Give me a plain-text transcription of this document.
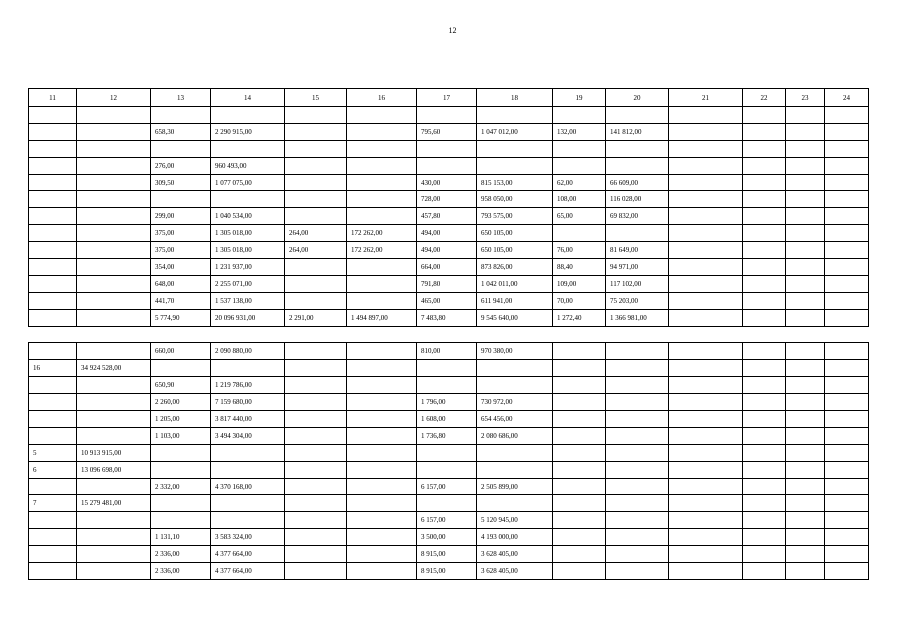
12
11	12	13	14	15	16	17	18	19	20	21	22	23	24

		658,30	2 290 915,00			795,60	1 047 012,00	132,00	141 812,00				

		276,00	960 493,00										
		309,50	1 077 075,00			430,00	815 153,00	62,00	66 609,00				
						728,00	958 050,00	108,00	116 028,00				
		299,00	1 040 534,00			457,80	793 575,00	65,00	69 832,00				
		375,00	1 305 018,00	264,00	172 262,00	494,00	650 105,00						
		375,00	1 305 018,00	264,00	172 262,00	494,00	650 105,00	76,00	81 649,00				
		354,00	1 231 937,00			664,00	873 826,00	88,40	94 971,00				
		648,00	2 255 071,00			791,80	1 042 011,00	109,00	117 102,00				
		441,70	1 537 138,00			465,00	611 941,00	70,00	75 203,00				
		5 774,90	20 096 931,00	2 291,00	1 494 897,00	7 483,80	9 545 640,00	1 272,40	1 366 981,00				

		660,00	2 090 880,00			810,00	970 380,00						
16	34 924 528,00												
		650,90	1 219 786,00										
		2 260,00	7 159 680,00			1 796,00	730 972,00						
		1 205,00	3 817 440,00			1 608,00	654 456,00						
		1 103,00	3 494 304,00			1 736,80	2 080 686,00						
5	10 913 915,00												
6	13 096 698,00												
		2 332,00	4 370 168,00			6 157,00	2 505 899,00						
7	15 279 481,00												
						6 157,00	5 120 945,00						
		1 131,10	3 583 324,00			3 500,00	4 193 000,00						
		2 336,00	4 377 664,00			8 915,00	3 628 405,00						
		2 336,00	4 377 664,00			8 915,00	3 628 405,00						
